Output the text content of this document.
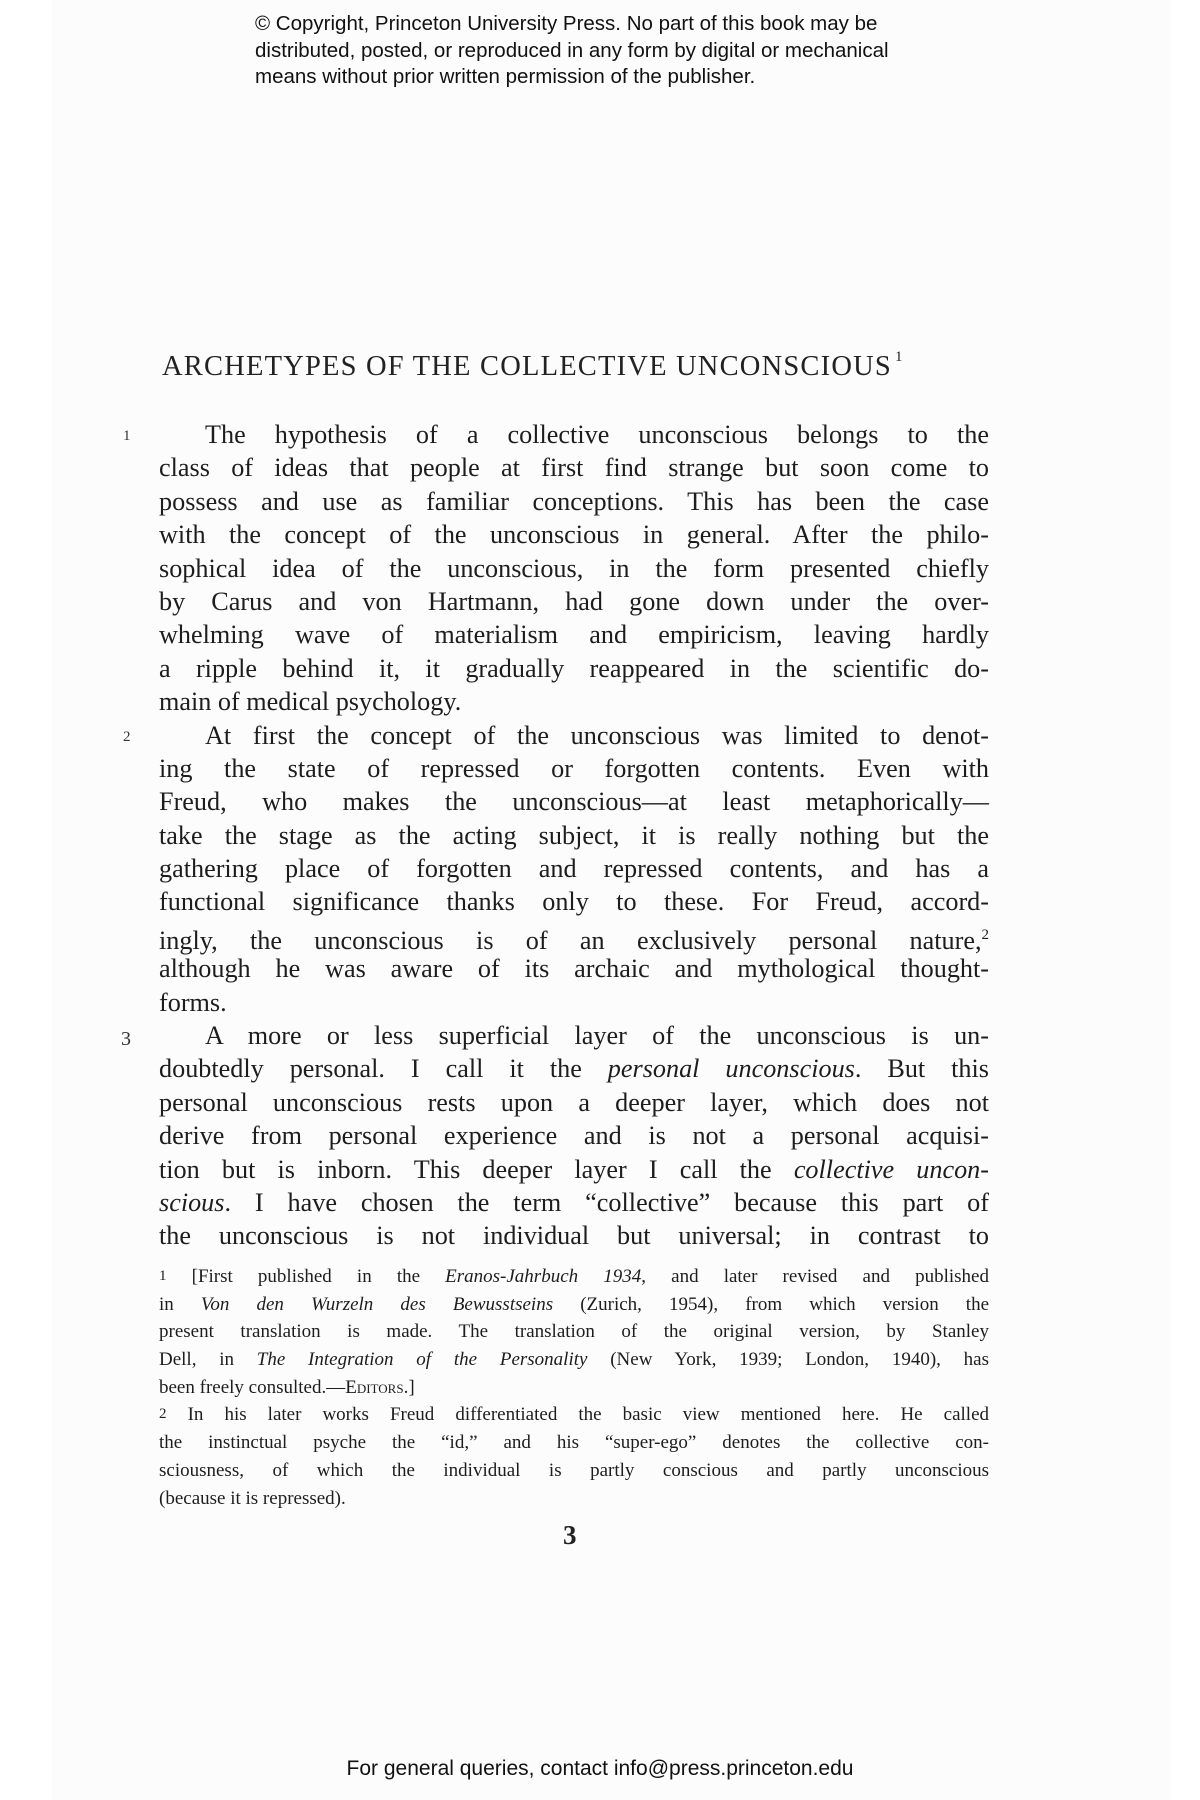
© Copyright, Princeton University Press. No part of this book may be
distributed, posted, or reproduced in any form by digital or mechanical
means without prior written permission of the publisher.
ARCHETYPES OF THE COLLECTIVE UNCONSCIOUS $^1$
1	The hypothesis of a collective unconscious belongs to the
class of ideas that people at first find strange but soon come to
possess and use as familiar conceptions. This has been the case
with the concept of the unconscious in general. After the philo-
sophical idea of the unconscious, in the form presented chiefly
by Carus and von Hartmann, had gone down under the over-
whelming wave of materialism and empiricism, leaving hardly
a ripple behind it, it gradually reappeared in the scientific do-
main of medical psychology.
2	At first the concept of the unconscious was limited to denot-
ing the state of repressed or forgotten contents. Even with
Freud, who makes the unconscious—at least metaphorically—
take the stage as the acting subject, it is really nothing but the
gathering place of forgotten and repressed contents, and has a
functional significance thanks only to these. For Freud, accord-
ingly, the unconscious is of an exclusively personal nature,$^2$
although he was aware of its archaic and mythological thought-
forms.
3	A more or less superficial layer of the unconscious is un-
doubtedly personal. I call it the personal unconscious. But this
personal unconscious rests upon a deeper layer, which does not
derive from personal experience and is not a personal acquisi-
tion but is inborn. This deeper layer I call the collective uncon-
scious. I have chosen the term “collective” because this part of
the unconscious is not individual but universal; in contrast to
1 [First published in the Eranos-Jahrbuch 1934, and later revised and published
in Von den Wurzeln des Bewusstseins (Zurich, 1954), from which version the
present translation is made. The translation of the original version, by Stanley
Dell, in The Integration of the Personality (New York, 1939; London, 1940), has
been freely consulted.—Editors.]
2 In his later works Freud differentiated the basic view mentioned here. He called
the instinctual psyche the “id,” and his “super-ego” denotes the collective con-
sciousness, of which the individual is partly conscious and partly unconscious
(because it is repressed).
3
For general queries, contact info@press.princeton.edu
